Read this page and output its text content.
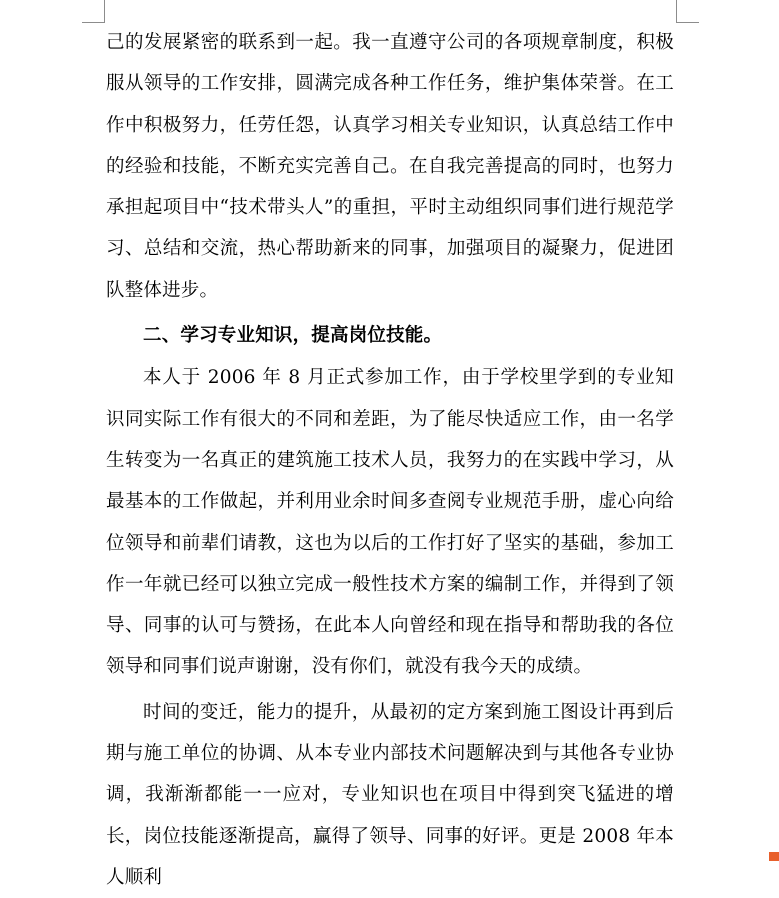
己的发展紧密的联系到一起。我一直遵守公司的各项规章制度，积极服从领导的工作安排，圆满完成各种工作任务，维护集体荣誉。在工作中积极努力，任劳任怨，认真学习相关专业知识，认真总结工作中的经验和技能，不断充实完善自己。在自我完善提高的同时，也努力承担起项目中“技术带头人”的重担，平时主动组织同事们进行规范学习、总结和交流，热心帮助新来的同事，加强项目的凝聚力，促进团队整体进步。

二、学习专业知识，提高岗位技能。

本人于 2006 年 8 月正式参加工作，由于学校里学到的专业知识同实际工作有很大的不同和差距，为了能尽快适应工作，由一名学生转变为一名真正的建筑施工技术人员，我努力的在实践中学习，从最基本的工作做起，并利用业余时间多查阅专业规范手册，虚心向给位领导和前辈们请教，这也为以后的工作打好了坚实的基础，参加工作一年就已经可以独立完成一般性技术方案的编制工作，并得到了领导、同事的认可与赞扬，在此本人向曾经和现在指导和帮助我的各位领导和同事们说声谢谢，没有你们，就没有我今天的成绩。

时间的变迁，能力的提升，从最初的定方案到施工图设计再到后期与施工单位的协调、从本专业内部技术问题解决到与其他各专业协调，我渐渐都能一一应对，专业知识也在项目中得到突飞猛进的增长，岗位技能逐渐提高，赢得了领导、同事的好评。更是 2008 年本人顺利
